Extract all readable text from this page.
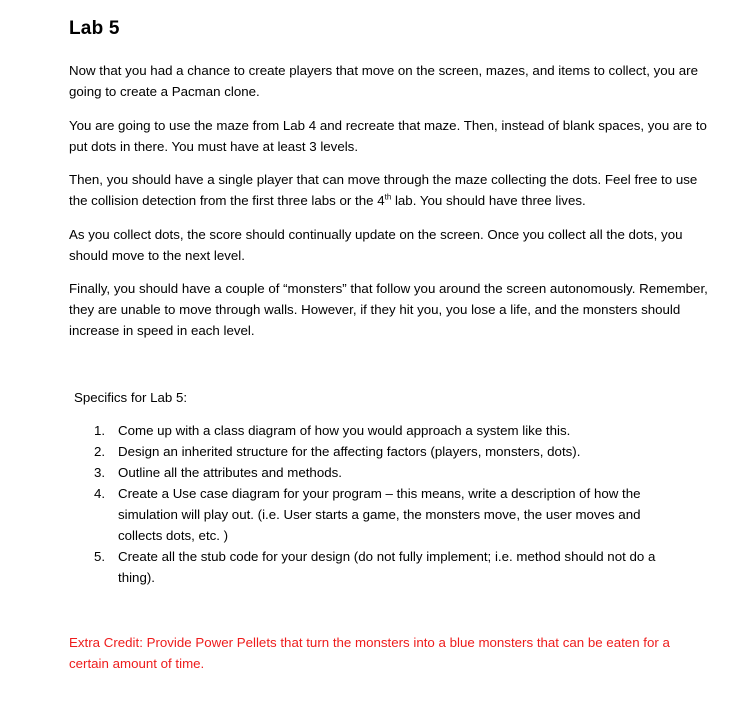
Lab 5

Now that you had a chance to create players that move on the screen, mazes, and items to collect, you are going to create a Pacman clone.

You are going to use the maze from Lab 4 and recreate that maze. Then, instead of blank spaces, you are to put dots in there. You must have at least 3 levels.

Then, you should have a single player that can move through the maze collecting the dots. Feel free to use the collision detection from the first three labs or the 4th lab. You should have three lives.

As you collect dots, the score should continually update on the screen. Once you collect all the dots, you should move to the next level.

Finally, you should have a couple of “monsters” that follow you around the screen autonomously. Remember, they are unable to move through walls. However, if they hit you, you lose a life, and the monsters should increase in speed in each level.

Specifics for Lab 5:

1. Come up with a class diagram of how you would approach a system like this.
2. Design an inherited structure for the affecting factors (players, monsters, dots).
3. Outline all the attributes and methods.
4. Create a Use case diagram for your program – this means, write a description of how the simulation will play out. (i.e. User starts a game, the monsters move, the user moves and collects dots, etc. )
5. Create all the stub code for your design (do not fully implement; i.e. method should not do a thing).

Extra Credit: Provide Power Pellets that turn the monsters into a blue monsters that can be eaten for a certain amount of time.
